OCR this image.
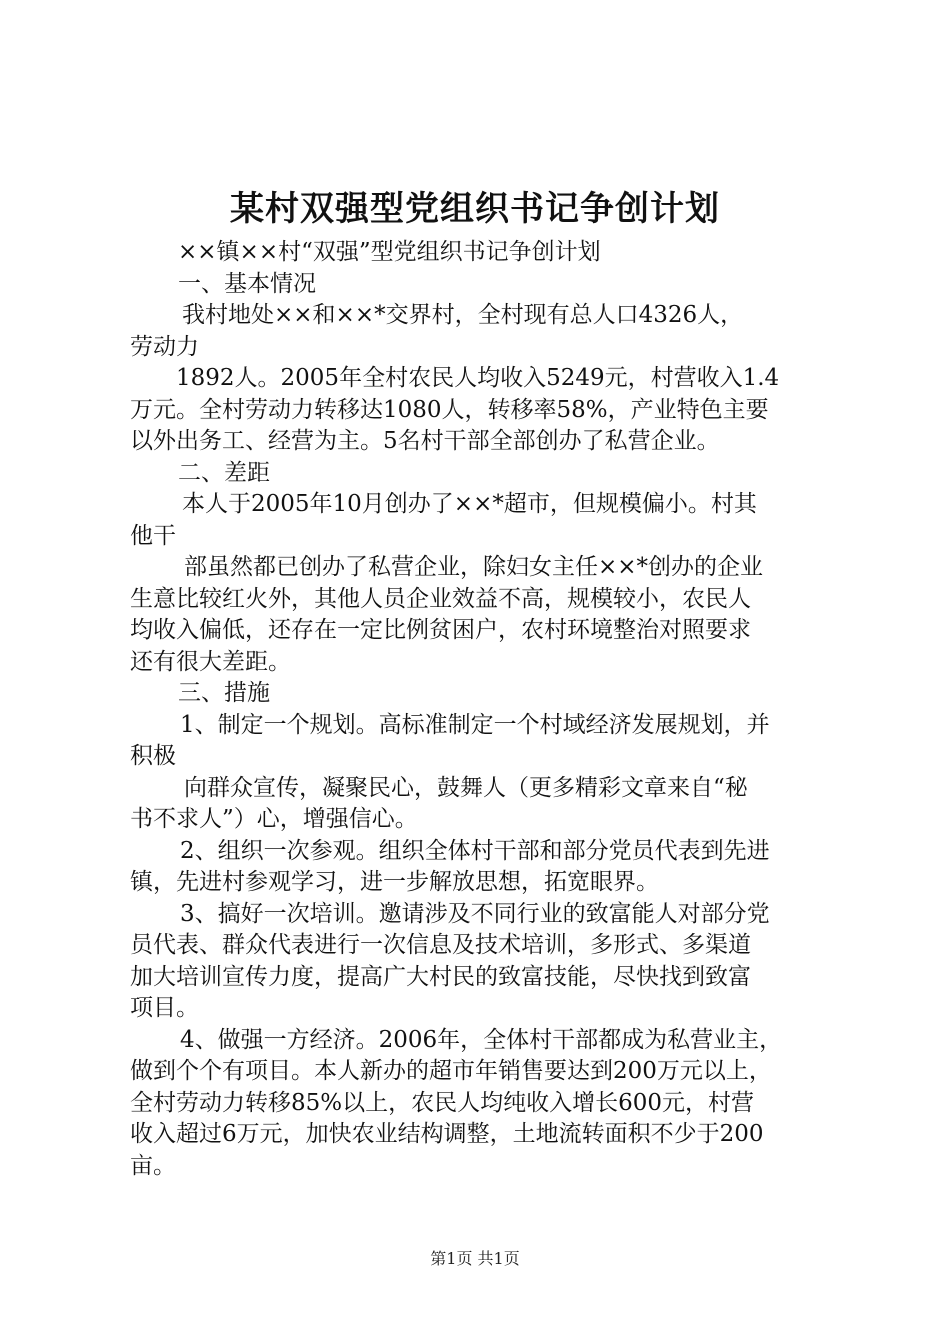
某村双强型党组织书记争创计划
××镇××村“双强”型党组织书记争创计划
一、基本情况
我村地处××和××*交界村，全村现有总人口4326人，
劳动力
1892人。2005年全村农民人均收入5249元，村营收入1.4
万元。全村劳动力转移达1080人，转移率58%，产业特色主要
以外出务工、经营为主。5名村干部全部创办了私营企业。
二、差距
本人于2005年10月创办了××*超市，但规模偏小。村其
他干
部虽然都已创办了私营企业，除妇女主任××*创办的企业
生意比较红火外，其他人员企业效益不高，规模较小，农民人
均收入偏低，还存在一定比例贫困户，农村环境整治对照要求
还有很大差距。
三、措施
1、制定一个规划。高标准制定一个村域经济发展规划，并
积极
向群众宣传，凝聚民心，鼓舞人（更多精彩文章来自“秘
书不求人”）心，增强信心。
2、组织一次参观。组织全体村干部和部分党员代表到先进
镇，先进村参观学习，进一步解放思想，拓宽眼界。
3、搞好一次培训。邀请涉及不同行业的致富能人对部分党
员代表、群众代表进行一次信息及技术培训，多形式、多渠道
加大培训宣传力度，提高广大村民的致富技能，尽快找到致富
项目。
4、做强一方经济。2006年，全体村干部都成为私营业主，
做到个个有项目。本人新办的超市年销售要达到200万元以上，
全村劳动力转移85%以上，农民人均纯收入增长600元，村营
收入超过6万元，加快农业结构调整，土地流转面积不少于200
亩。
第1页 共1页
